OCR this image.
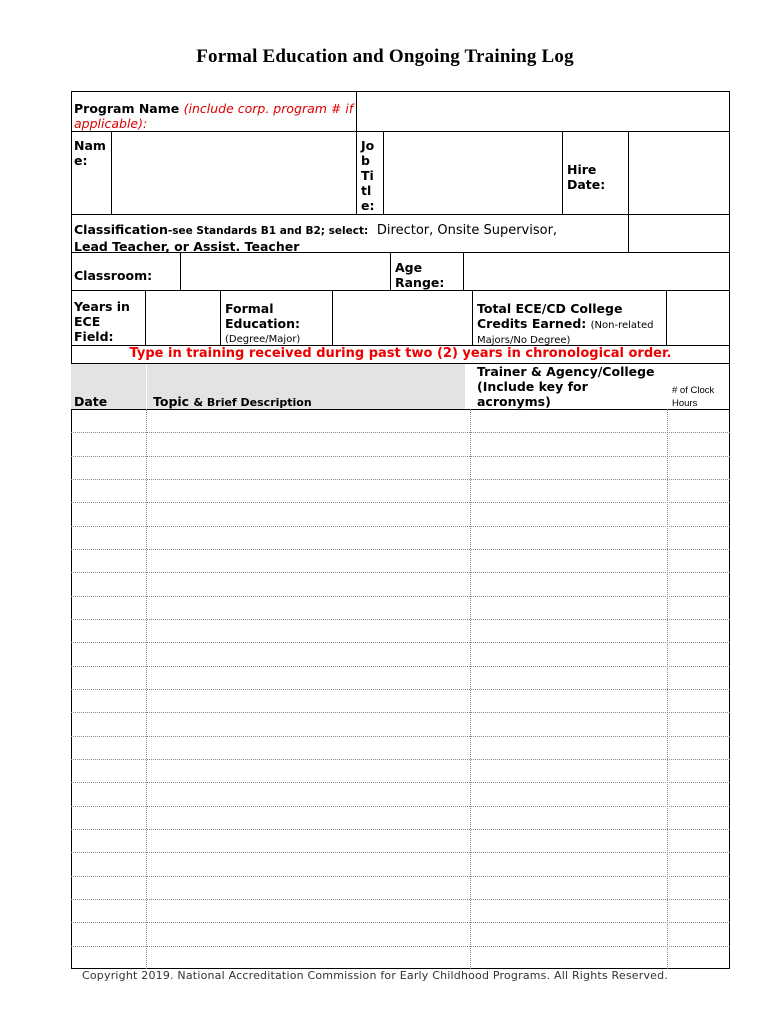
Formal Education and Ongoing Training Log
Program Name (include corp. program # if applicable):
Nam
e:
Jo
b
Ti
tl
e:
Hire
Date:
Classification-see Standards B1 and B2; select: Director, Onsite Supervisor,
Lead Teacher, or Assist. Teacher
Classroom:
Age
Range:
Years in
ECE
Field:
Formal
Education:
(Degree/Major)
Total ECE/CD College
Credits Earned: (Non-related
Majors/No Degree)
Type in training received during past two (2) years in chronological order.
Date	Topic & Brief Description
Trainer & Agency/College
(Include key for
acronyms)
# of Clock
Hours
Copyright 2019. National Accreditation Commission for Early Childhood Programs. All Rights Reserved.
